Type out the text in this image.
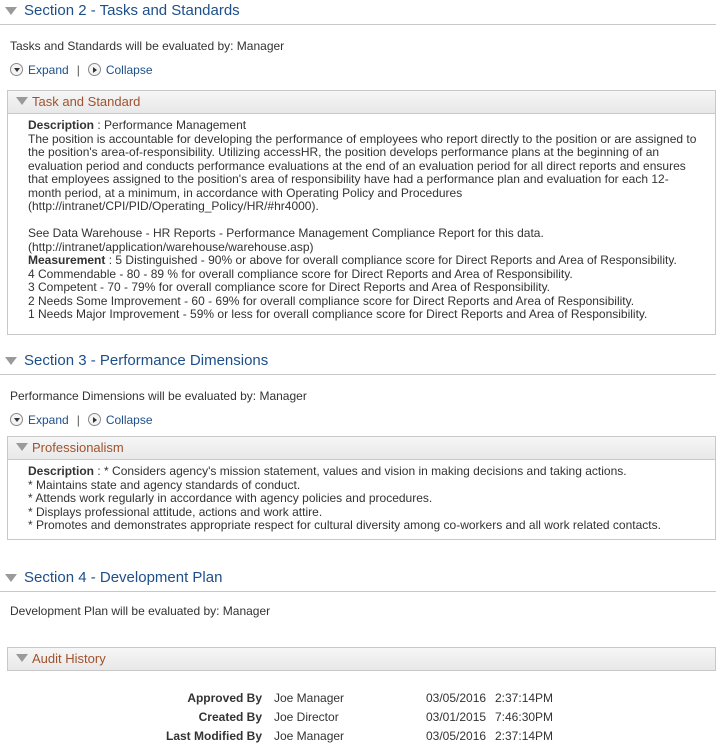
Section 2 - Tasks and Standards
Tasks and Standards will be evaluated by: Manager
Expand | Collapse
Task and Standard

Description : Performance Management

The position is accountable for developing the performance of employees who report directly to the position or are assigned to

the position's area-of-responsibility. Utilizing accessHR, the position develops performance plans at the beginning of an

evaluation period and conducts performance evaluations at the end of an evaluation period for all direct reports and ensures

that employees assigned to the position's area of responsibility have had a performance plan and evaluation for each 12-

month period, at a minimum, in accordance with Operating Policy and Procedures

(http://intranet/CPI/PID/Operating_Policy/HR/#hr4000).

See Data Warehouse - HR Reports - Performance Management Compliance Report for this data.

(http://intranet/application/warehouse/warehouse.asp)

Measurement : 5 Distinguished - 90% or above for overall compliance score for Direct Reports and Area of Responsibility.

4 Commendable - 80 - 89 % for overall compliance score for Direct Reports and Area of Responsibility.

3 Competent - 70 - 79% for overall compliance score for Direct Reports and Area of Responsibility.

2 Needs Some Improvement - 60 - 69% for overall compliance score for Direct Reports and Area of Responsibility.

1 Needs Major Improvement - 59% or less for overall compliance score for Direct Reports and Area of Responsibility.

Section 3 - Performance Dimensions
Performance Dimensions will be evaluated by: Manager
Expand | Collapse
Professionalism

Description : * Considers agency's mission statement, values and vision in making decisions and taking actions.

* Maintains state and agency standards of conduct.

* Attends work regularly in accordance with agency policies and procedures.

* Displays professional attitude, actions and work attire.

* Promotes and demonstrates appropriate respect for cultural diversity among co-workers and all work related contacts.

Section 4 - Development Plan
Development Plan will be evaluated by: Manager
Audit History
Approved By Joe Manager	03/05/2016 2:37:14PM
Created By Joe Director	03/01/2015 7:46:30PM
Last Modified By Joe Manager	03/05/2016 2:37:14PM
